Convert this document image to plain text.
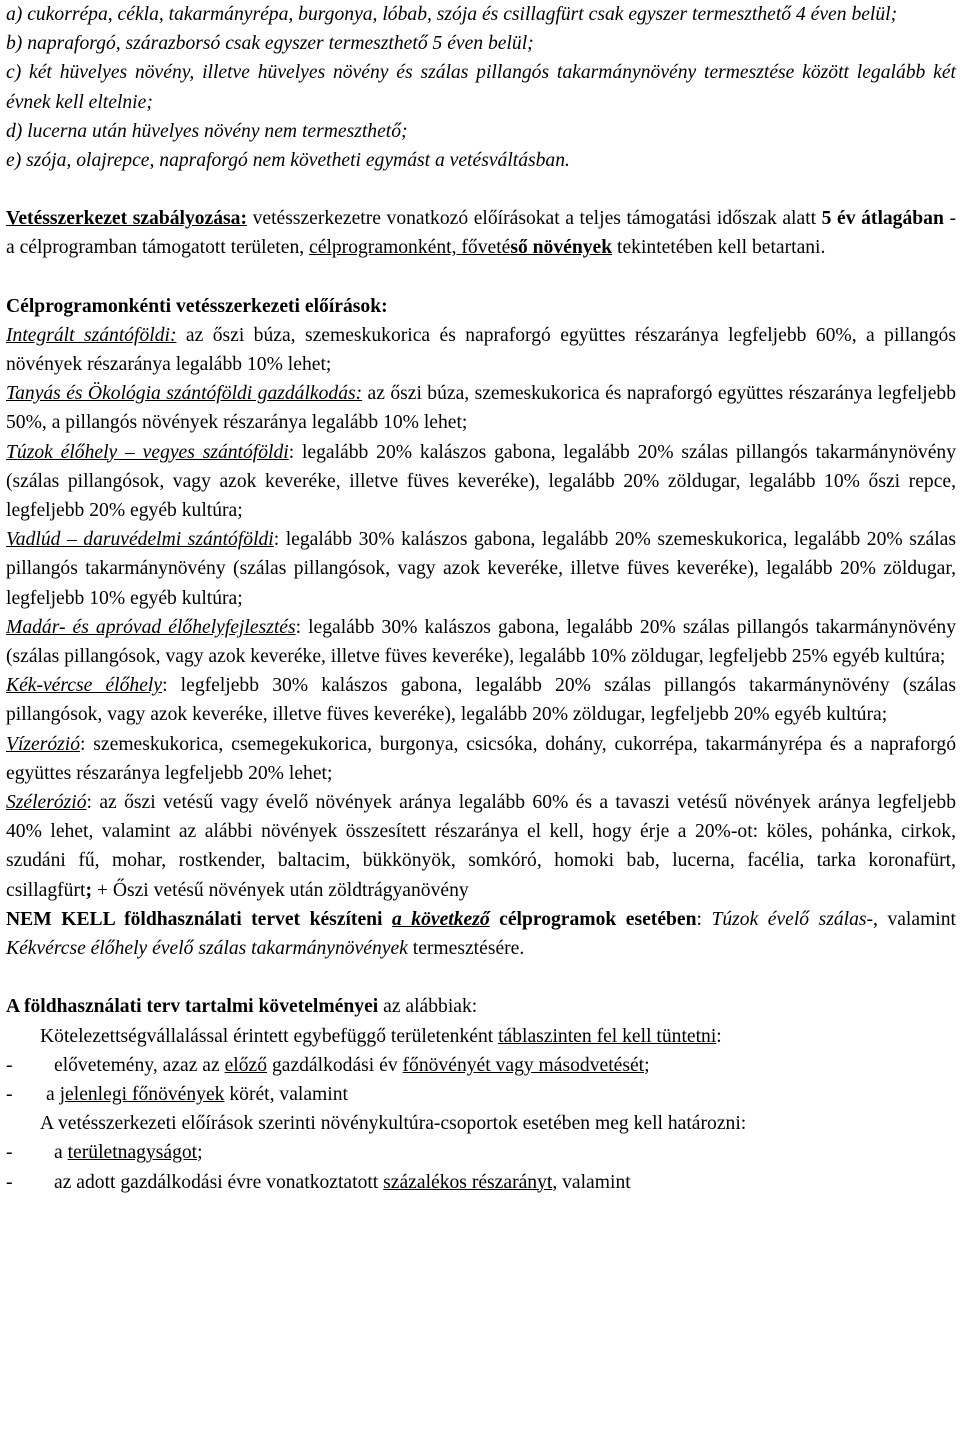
a) cukorrépa, cékla, takarmányrépa, burgonya, lóbab, szója és csillagfürt csak egyszer termeszthető 4 éven belül;

b) napraforgó, szárazborsó csak egyszer termeszthető 5 éven belül;

c) két hüvelyes növény, illetve hüvelyes növény és szálas pillangós takarmánynövény termesztése között legalább két évnek kell eltelnie;

d) lucerna után hüvelyes növény nem termeszthető;

e) szója, olajrepce, napraforgó nem követheti egymást a vetésváltásban.

Vetésszerkezet szabályozása: vetésszerkezetre vonatkozó előírásokat a teljes támogatási időszak alatt 5 év átlagában - a célprogramban támogatott területen, célprogramonként, fővetéső növények tekintetében kell betartani.

Célprogramonkénti vetésszerkezeti előírások:

Integrált szántóföldi: az őszi búza, szemeskukorica és napraforgó együttes részaránya legfeljebb 60%, a pillangós növények részaránya legalább 10% lehet;

Tanyás és Ökológia szántóföldi gazdálkodás: az őszi búza, szemeskukorica és napraforgó együttes részaránya legfeljebb 50%, a pillangós növények részaránya legalább 10% lehet;

Túzok élőhely – vegyes szántóföldi: legalább 20% kalászos gabona, legalább 20% szálas pillangós takarmánynövény (szálas pillangósok, vagy azok keveréke, illetve füves keveréke), legalább 20% zöldugar, legalább 10% őszi repce, legfeljebb 20% egyéb kultúra;

Vadlúd – daruvédelmi szántóföldi: legalább 30% kalászos gabona, legalább 20% szemeskukorica, legalább 20% szálas pillangós takarmánynövény (szálas pillangósok, vagy azok keveréke, illetve füves keveréke), legalább 20% zöldugar, legfeljebb 10% egyéb kultúra;

Madár- és apróvad élőhelyfejlesztés: legalább 30% kalászos gabona, legalább 20% szálas pillangós takarmánynövény (szálas pillangósok, vagy azok keveréke, illetve füves keveréke), legalább 10% zöldugar, legfeljebb 25% egyéb kultúra;

Kék-vércse élőhely: legfeljebb 30% kalászos gabona, legalább 20% szálas pillangós takarmánynövény (szálas pillangósok, vagy azok keveréke, illetve füves keveréke), legalább 20% zöldugar, legfeljebb 20% egyéb kultúra;

Vízerózió: szemeskukorica, csemegekukorica, burgonya, csicsóka, dohány, cukorrépa, takarmányrépa és a napraforgó együttes részaránya legfeljebb 20% lehet;

Szélerózió: az őszi vetésű vagy évelő növények aránya legalább 60% és a tavaszi vetésű növények aránya legfeljebb 40% lehet, valamint az alábbi növények összesített részaránya el kell, hogy érje a 20%-ot: köles, pohánka, cirkok, szudáni fű, mohar, rostkender, baltacim, bükkönyök, somkóró, homoki bab, lucerna, facélia, tarka koronafürt, csillagfürt; + Őszi vetésű növények után zöldtrágyanövény

NEM KELL földhasználati tervet készíteni a következő célprogramok esetében: Túzok évelő szálas-, valamint Kékvércse élőhely évelő szálas takarmánynövények termesztésére.

A földhasználati terv tartalmi követelményei az alábbiak:

Kötelezettségvállalással érintett egybefüggő területenként táblaszinten fel kell tüntetni:

- elővetemény, azaz az előző gazdálkodási év főnövényét vagy másodvetését;

- a jelenlegi főnövények körét, valamint

A vetésszerkezeti előírások szerinti növénykultúra-csoportok esetében meg kell határozni:

- a területnagyságot;

- az adott gazdálkodási évre vonatkoztatott százalékos részarányt, valamint
